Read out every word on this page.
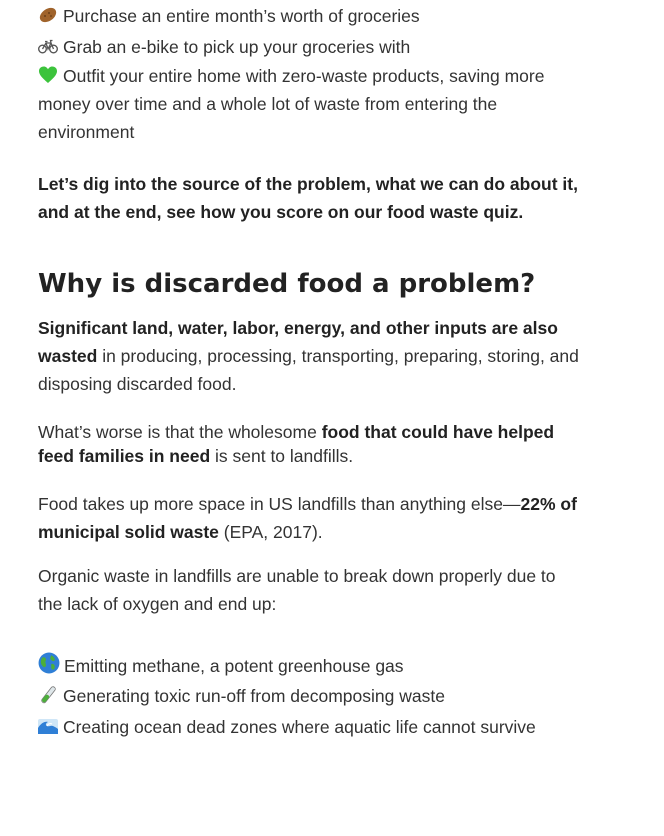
Purchase an entire month’s worth of groceries
Grab an e-bike to pick up your groceries with
Outfit your entire home with zero-waste products, saving more
money over time and a whole lot of waste from entering the
environment
Let’s dig into the source of the problem, what we can do about it,
and at the end, see how you score on our food waste quiz.
Why is discarded food a problem?
Significant land, water, labor, energy, and other inputs are also
wasted in producing, processing, transporting, preparing, storing, and
disposing discarded food.
What’s worse is that the wholesome food that could have helped
feed families in need is sent to landfills.
Food takes up more space in US landfills than anything else—22% of
municipal solid waste (EPA, 2017).
Organic waste in landfills are unable to break down properly due to
the lack of oxygen and end up:
Emitting methane, a potent greenhouse gas
Generating toxic run-off from decomposing waste
Creating ocean dead zones where aquatic life cannot survive
